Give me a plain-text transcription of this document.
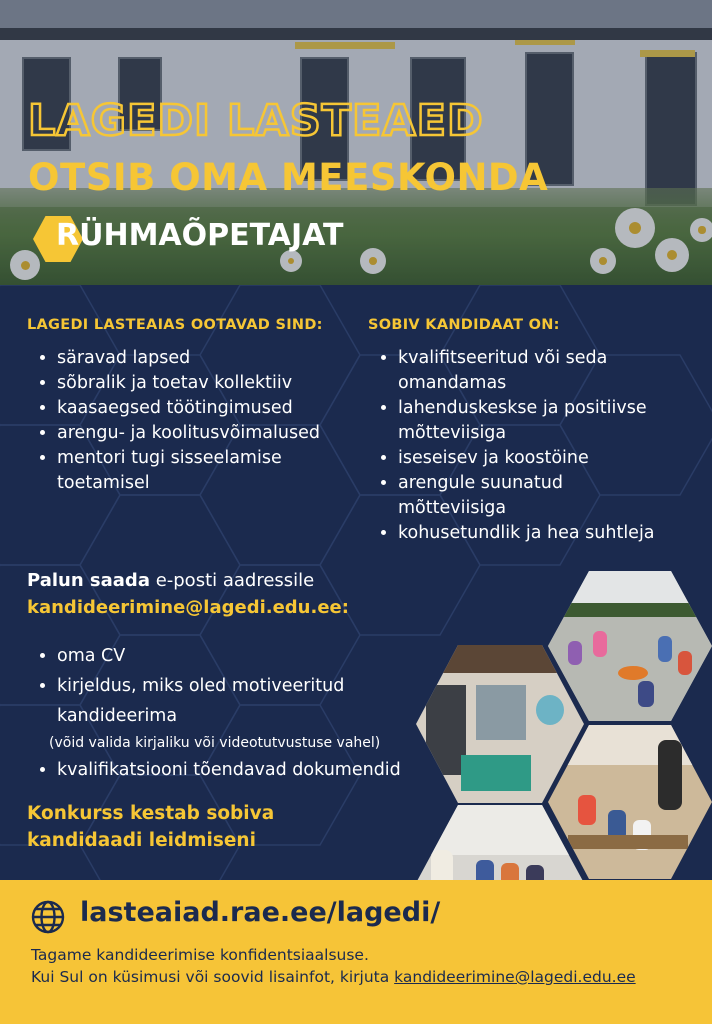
LAGEDI LASTEAED
OTSIB OMA MEESKONDA
RÜHMAÕPETAJAT
LAGEDI LASTEAIAS OOTAVAD SIND:
• säravad lapsed
• sõbralik ja toetav kollektiiv
• kaasaegsed töötingimused
• arengu- ja koolitusvõimalused
• mentori tugi sisseelamise toetamisel
SOBIV KANDIDAAT ON:
• kvalifitseeritud või seda omandamas
• lahenduskeskse ja positiivse mõtteviisiga
• iseseisev ja koostöine
• arengule suunatud mõtteviisiga
• kohusetundlik ja hea suhtleja
Palun saada e-posti aadressile
kandideerimine@lagedi.edu.ee:
• oma CV
• kirjeldus, miks oled motiveeritud kandideerima
(võid valida kirjaliku või videotutvustuse vahel)
• kvalifikatsiooni tõendavad dokumendid
Konkurss kestab sobiva kandidaadi leidmiseni
lasteaiad.rae.ee/lagedi/
Tagame kandideerimise konfidentsiaalsuse.
Kui Sul on küsimusi või soovid lisainfot, kirjuta kandideerimine@lagedi.edu.ee
